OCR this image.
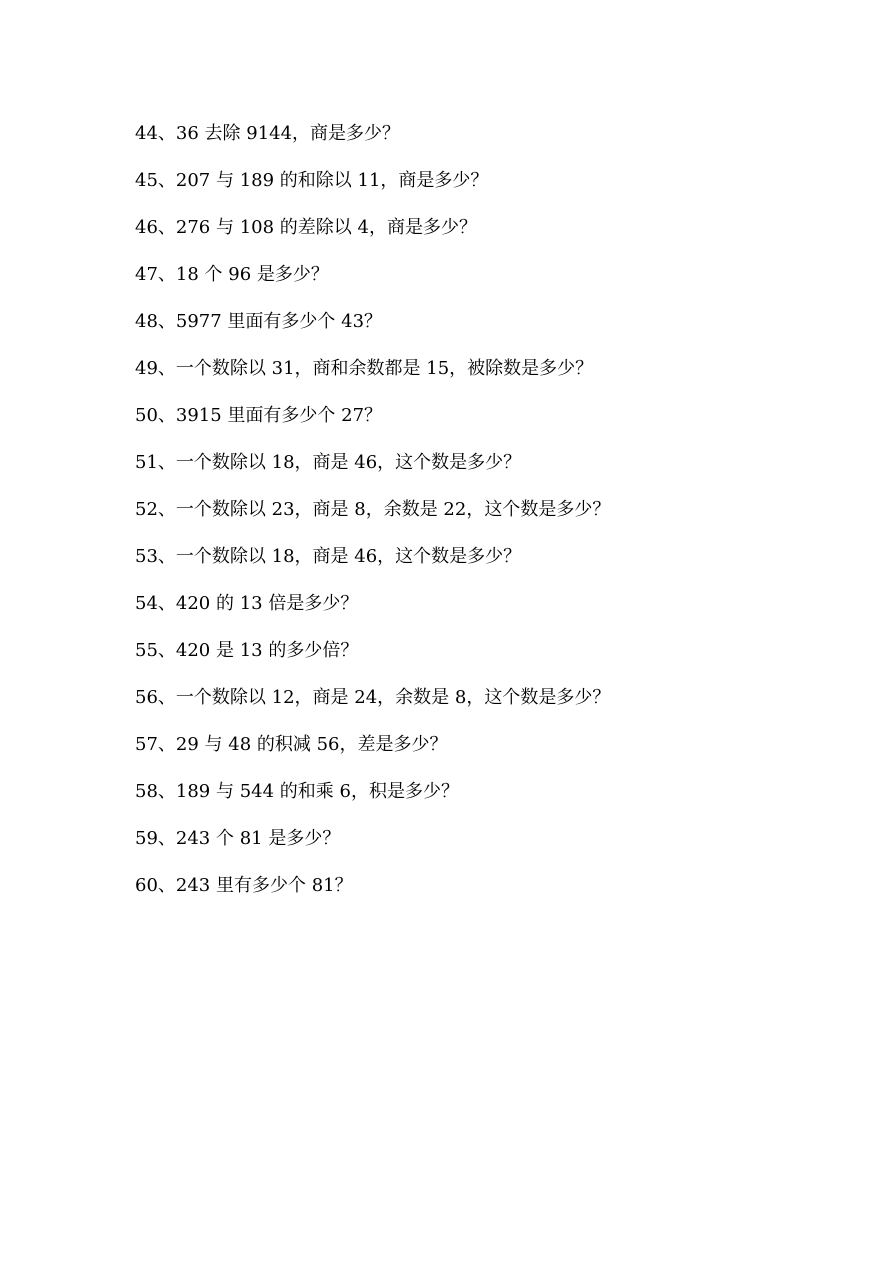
44、36 去除 9144，商是多少？
45、207 与 189 的和除以 11，商是多少？
46、276 与 108 的差除以 4，商是多少？
47、18 个 96 是多少？
48、5977 里面有多少个 43？
49、一个数除以 31，商和余数都是 15，被除数是多少？
50、3915 里面有多少个 27？
51、一个数除以 18，商是 46，这个数是多少？
52、一个数除以 23，商是 8，余数是 22，这个数是多少？
53、一个数除以 18，商是 46，这个数是多少？
54、420 的 13 倍是多少？
55、420 是 13 的多少倍？
56、一个数除以 12，商是 24，余数是 8，这个数是多少？
57、29 与 48 的积减 56，差是多少？
58、189 与 544 的和乘 6，积是多少？
59、243 个 81 是多少？
60、243 里有多少个 81？
